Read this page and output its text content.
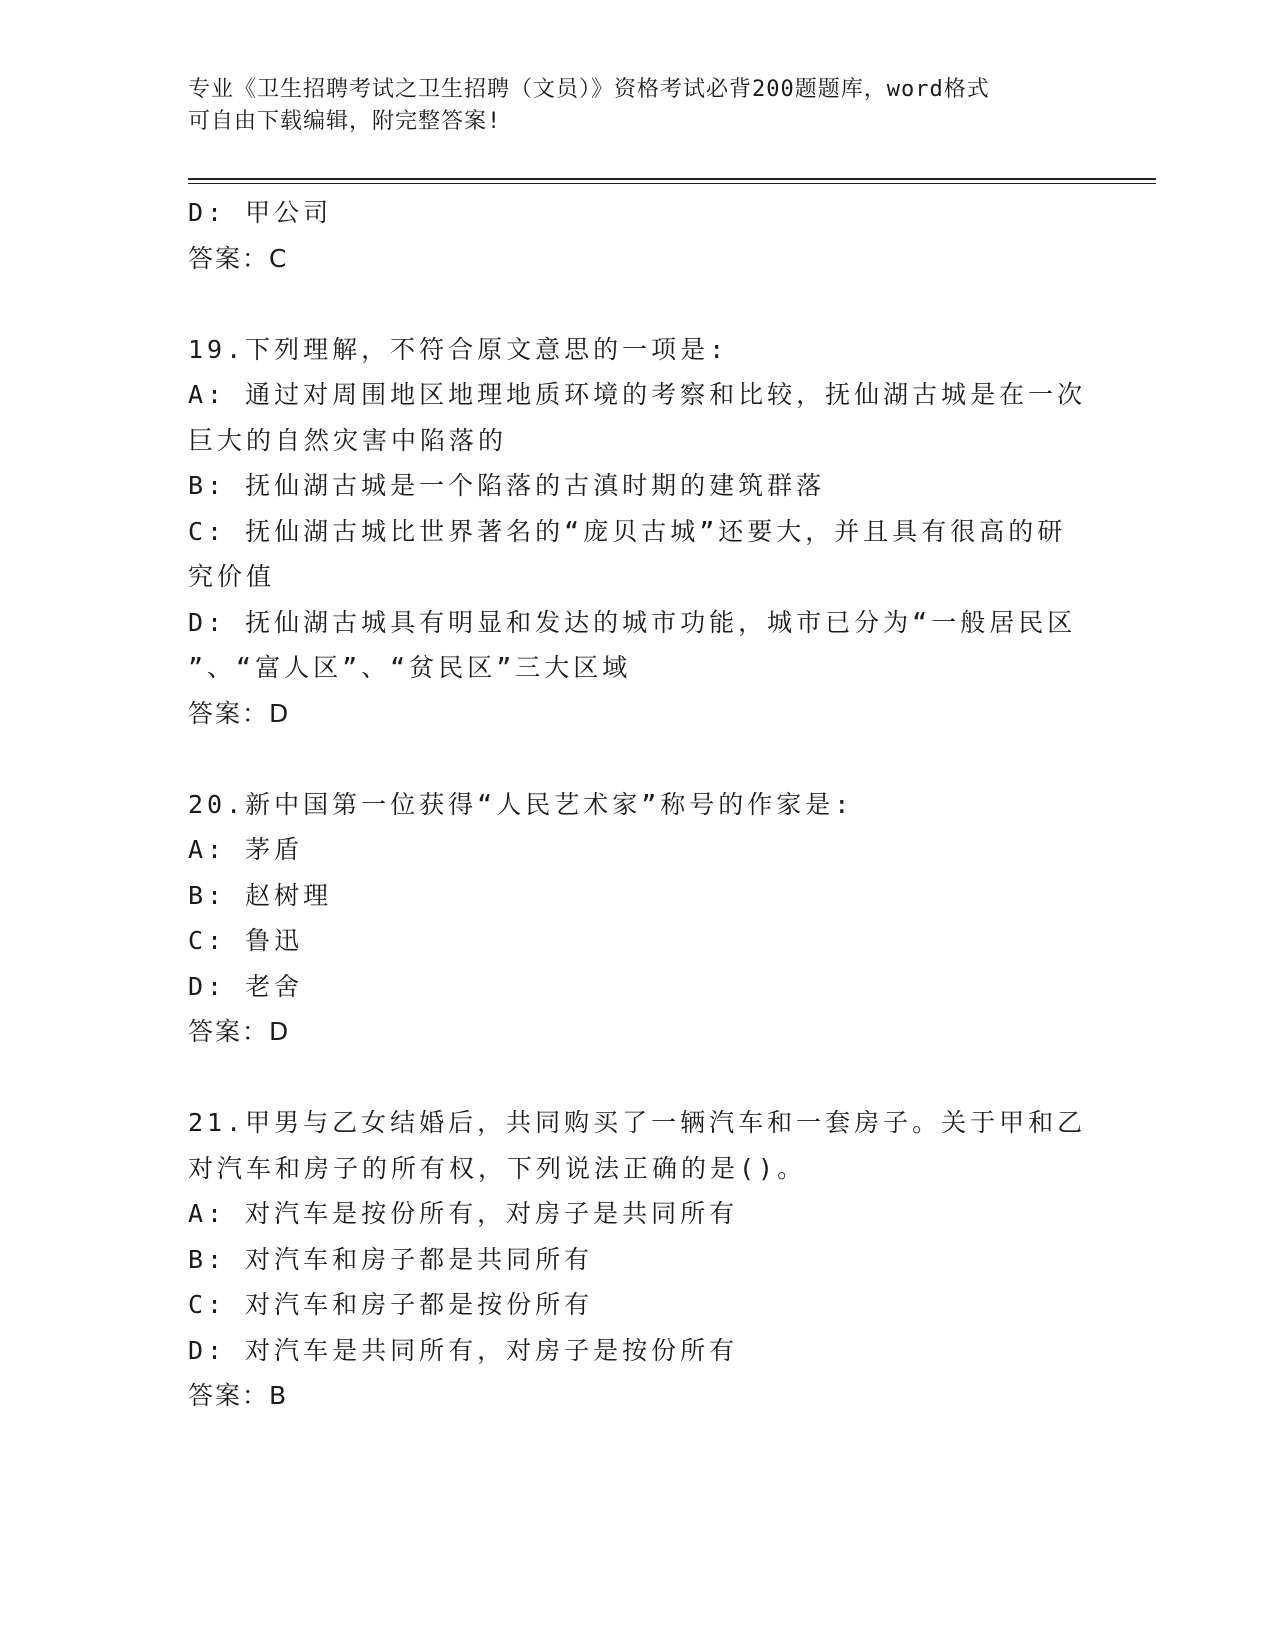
专业《卫生招聘考试之卫生招聘（文员）》资格考试必背200题题库，word格式
可自由下载编辑，附完整答案!
D: 甲公司
答案：C
19.下列理解，不符合原文意思的一项是:
A: 通过对周围地区地理地质环境的考察和比较，抚仙湖古城是在一次
巨大的自然灾害中陷落的
B: 抚仙湖古城是一个陷落的古滇时期的建筑群落
C: 抚仙湖古城比世界著名的“庞贝古城”还要大，并且具有很高的研
究价值
D: 抚仙湖古城具有明显和发达的城市功能，城市已分为“一般居民区
”、“富人区”、“贫民区”三大区域
答案：D
20.新中国第一位获得“人民艺术家”称号的作家是:
A: 茅盾
B: 赵树理
C: 鲁迅
D: 老舍
答案：D
21.甲男与乙女结婚后，共同购买了一辆汽车和一套房子。关于甲和乙
对汽车和房子的所有权，下列说法正确的是()。
A: 对汽车是按份所有，对房子是共同所有
B: 对汽车和房子都是共同所有
C: 对汽车和房子都是按份所有
D: 对汽车是共同所有，对房子是按份所有
答案：B
